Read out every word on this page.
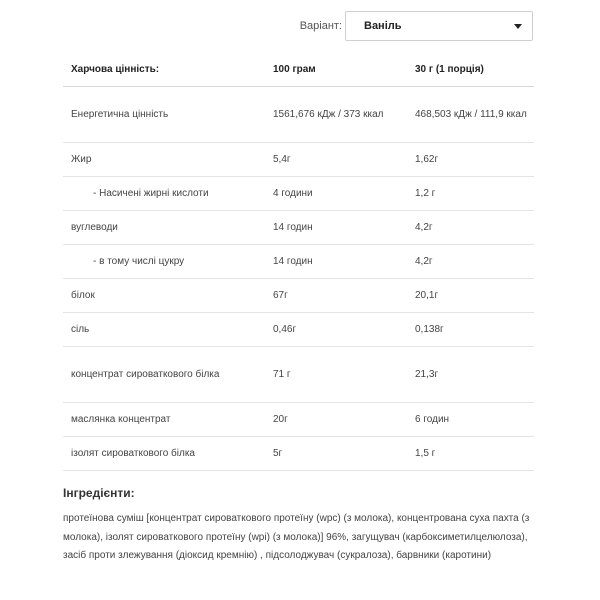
Варіант: Ваніль
Харчова цінність:	100 грам	30 г (1 порція)
Енергетична цінність	1561,676 кДж / 373 ккал	468,503 кДж / 111,9 ккал
Жир	5,4г	1,62г
- Насичені жирні кислоти	4 години	1,2 г
вуглеводи	14 годин	4,2г
- в тому числі цукру	14 годин	4,2г
білок	67г	20,1г
сіль	0,46г	0,138г
концентрат сироваткового білка	71 г	21,3г
маслянка концентрат	20г	6 годин
ізолят сироваткового білка	5г	1,5 г
Інгредієнти:
протеїнова суміш [концентрат сироваткового протеїну (wpc) (з молока), концентрована суха пахта (з молока), ізолят сироваткового протеїну (wpi) (з молока)] 96%, загущувач (карбоксиметилцелюлоза), засіб проти злежування (діоксид кремнію) , підсолоджувач (сукралоза), барвники (каротини)
